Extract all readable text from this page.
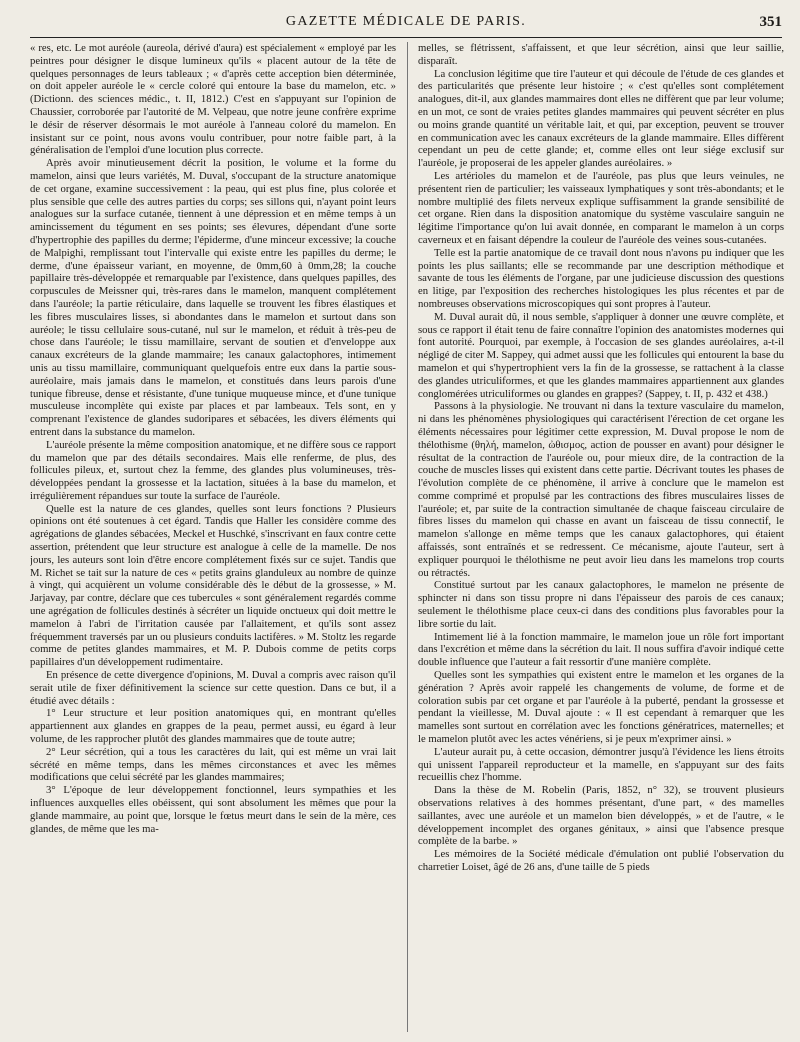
GAZETTE MÉDICALE DE PARIS.	351

« res, etc. Le mot auréole (aureola, dérivé d'aura) est spécialement « employé par les peintres pour désigner le disque lumineux qu'ils « placent autour de la tête de quelques personnages de leurs tableaux ; « d'après cette acception bien déterminée, on doit appeler auréole le « cercle coloré qui entoure la base du mamelon, etc. » (Dictionn. des sciences médic., t. II, 1812.) C'est en s'appuyant sur l'opinion de Chaussier, corroborée par l'autorité de M. Velpeau, que notre jeune confrère exprime le désir de réserver désormais le mot auréole à l'anneau coloré du mamelon. En insistant sur ce point, nous avons voulu contribuer, pour notre faible part, à la généralisation de l'emploi d'une locution plus correcte.

Après avoir minutieusement décrit la position, le volume et la forme du mamelon, ainsi que leurs variétés, M. Duval, s'occupant de la structure anatomique de cet organe, examine successivement : la peau, qui est plus fine, plus colorée et plus sensible que celle des autres parties du corps; ses sillons qui, n'ayant point leurs analogues sur la surface cutanée, tiennent à une dépression et en même temps à un amincissement du tégument en ses points; ses élevures, dépendant d'une sorte d'hypertrophie des papilles du derme; l'épiderme, d'une minceur excessive; la couche de Malpighi, remplissant tout l'intervalle qui existe entre les papilles du derme; le derme, d'une épaisseur variant, en moyenne, de 0mm,60 à 0mm,28; la couche papillaire très-développée et remarquable par l'existence, dans quelques papilles, des corpuscules de Meissner qui, très-rares dans le mamelon, manquent complétement dans l'auréole; la partie réticulaire, dans laquelle se trouvent les fibres élastiques et les fibres musculaires lisses, si abondantes dans le mamelon et surtout dans son auréole; le tissu cellulaire sous-cutané, nul sur le mamelon, et réduit à très-peu de chose dans l'auréole; le tissu mamillaire, servant de soutien et d'enveloppe aux canaux excréteurs de la glande mammaire; les canaux galactophores, intimement unis au tissu mamillaire, communiquant quelquefois entre eux dans la partie sous-auréolaire, mais jamais dans le mamelon, et constitués dans leurs parois d'une tunique fibreuse, dense et résistante, d'une tunique muqueuse mince, et d'une tunique musculeuse incomplète qui existe par places et par lambeaux. Tels sont, en y comprenant l'existence de glandes sudoripares et sébacées, les divers éléments qui entrent dans la substance du mamelon.

L'auréole présente la même composition anatomique, et ne diffère sous ce rapport du mamelon que par des détails secondaires. Mais elle renferme, de plus, des follicules pileux, et, surtout chez la femme, des glandes plus volumineuses, très-développées pendant la grossesse et la lactation, situées à la base du mamelon, et irrégulièrement répandues sur toute la surface de l'auréole.

Quelle est la nature de ces glandes, quelles sont leurs fonctions ? Plusieurs opinions ont été soutenues à cet égard. Tandis que Haller les considère comme des agrégations de glandes sébacées, Meckel et Huschké, s'inscrivant en faux contre cette assertion, prétendent que leur structure est analogue à celle de la mamelle. De nos jours, les auteurs sont loin d'être encore complétement fixés sur ce sujet. Tandis que M. Richet se tait sur la nature de ces « petits grains glanduleux au nombre de quinze à vingt, qui acquièrent un volume considérable dès le début de la grossesse, » M. Jarjavay, par contre, déclare que ces tubercules « sont généralement regardés comme une agrégation de follicules destinés à sécréter un liquide onctueux qui doit mettre le mamelon à l'abri de l'irritation causée par l'allaitement, et qu'ils sont assez fréquemment traversés par un ou plusieurs conduits lactifères. » M. Stoltz les regarde comme de petites glandes mammaires, et M. P. Dubois comme de petits corps papillaires d'un développement rudimentaire.

En présence de cette divergence d'opinions, M. Duval a compris avec raison qu'il serait utile de fixer définitivement la science sur cette question. Dans ce but, il a étudié avec détails :

1° Leur structure et leur position anatomiques qui, en montrant qu'elles appartiennent aux glandes en grappes de la peau, permet aussi, eu égard à leur volume, de les rapprocher plutôt des glandes mammaires que de toute autre;

2° Leur sécrétion, qui a tous les caractères du lait, qui est même un vrai lait sécrété en même temps, dans les mêmes circonstances et avec les mêmes modifications que celui sécrété par les glandes mammaires;

3° L'époque de leur développement fonctionnel, leurs sympathies et les influences auxquelles elles obéissent, qui sont absolument les mêmes que pour la glande mammaire, au point que, lorsque le fœtus meurt dans le sein de la mère, ces glandes, de même que les ma-

melles, se flétrissent, s'affaissent, et que leur sécrétion, ainsi que leur saillie, disparaît.

La conclusion légitime que tire l'auteur et qui découle de l'étude de ces glandes et des particularités que présente leur histoire ; « c'est qu'elles sont complétement analogues, dit-il, aux glandes mammaires dont elles ne diffèrent que par leur volume; en un mot, ce sont de vraies petites glandes mammaires qui peuvent sécréter en plus ou moins grande quantité un véritable lait, et qui, par exception, peuvent se trouver en communication avec les canaux excréteurs de la glande mammaire. Elles diffèrent cependant un peu de cette glande; et, comme elles ont leur siége exclusif sur l'auréole, je proposerai de les appeler glandes auréolaires. »

Les artérioles du mamelon et de l'auréole, pas plus que leurs veinules, ne présentent rien de particulier; les vaisseaux lymphatiques y sont très-abondants; et le nombre multiplié des filets nerveux explique suffisamment la grande sensibilité de cet organe. Rien dans la disposition anatomique du système vasculaire sanguin ne légitime l'importance qu'on lui avait donnée, en comparant le mamelon à un corps caverneux et en faisant dépendre la couleur de l'auréole des veines sous-cutanées.

Telle est la partie anatomique de ce travail dont nous n'avons pu indiquer que les points les plus saillants; elle se recommande par une description méthodique et savante de tous les éléments de l'organe, par une judicieuse discussion des questions en litige, par l'exposition des recherches histologiques les plus récentes et par de nombreuses observations microscopiques qui sont propres à l'auteur.

M. Duval aurait dû, il nous semble, s'appliquer à donner une œuvre complète, et sous ce rapport il était tenu de faire connaître l'opinion des anatomistes modernes qui font autorité. Pourquoi, par exemple, à l'occasion de ses glandes auréolaires, a-t-il négligé de citer M. Sappey, qui admet aussi que les follicules qui entourent la base du mamelon et qui s'hypertrophient vers la fin de la grossesse, se rattachent à la classe des glandes utriculiformes, et que les glandes mammaires appartiennent aux glandes conglomérées utriculiformes ou glandes en grappes? (Sappey, t. II, p. 432 et 438.)

Passons à la physiologie. Ne trouvant ni dans la texture vasculaire du mamelon, ni dans les phénomènes physiologiques qui caractérisent l'érection de cet organe les éléments nécessaires pour légitimer cette expression, M. Duval propose le nom de thélothisme (θηλή, mamelon, ὠθισμος, action de pousser en avant) pour désigner le résultat de la contraction de l'auréole ou, pour mieux dire, de la contraction de la couche de muscles lisses qui existent dans cette partie. Décrivant toutes les phases de l'évolution complète de ce phénomène, il arrive à conclure que le mamelon est comme comprimé et propulsé par les contractions des fibres musculaires lisses de l'auréole; et, par suite de la contraction simultanée de chaque faisceau circulaire de fibres lisses du mamelon qui chasse en avant un faisceau de tissu connectif, le mamelon s'allonge en même temps que les canaux galactophores, qui étaient affaissés, sont entraînés et se redressent. Ce mécanisme, ajoute l'auteur, sert à expliquer pourquoi le thélothisme ne peut avoir lieu dans les mamelons trop courts ou rétractés.

Constitué surtout par les canaux galactophores, le mamelon ne présente de sphincter ni dans son tissu propre ni dans l'épaisseur des parois de ces canaux; seulement le thélothisme place ceux-ci dans des conditions plus favorables pour la libre sortie du lait.

Intimement lié à la fonction mammaire, le mamelon joue un rôle fort important dans l'excrétion et même dans la sécrétion du lait. Il nous suffira d'avoir indiqué cette double influence que l'auteur a fait ressortir d'une manière complète.

Quelles sont les sympathies qui existent entre le mamelon et les organes de la génération ? Après avoir rappelé les changements de volume, de forme et de coloration subis par cet organe et par l'auréole à la puberté, pendant la grossesse et pendant la vieillesse, M. Duval ajoute : « Il est cependant à remarquer que les mamelles sont surtout en corrélation avec les fonctions génératrices, maternelles; et le mamelon plutôt avec les actes vénériens, si je peux m'exprimer ainsi. »

L'auteur aurait pu, à cette occasion, démontrer jusqu'à l'évidence les liens étroits qui unissent l'appareil reproducteur et la mamelle, en s'appuyant sur des faits recueillis chez l'homme.

Dans la thèse de M. Robelin (Paris, 1852, n° 32), se trouvent plusieurs observations relatives à des hommes présentant, d'une part, « des mamelles saillantes, avec une auréole et un mamelon bien développés, » et de l'autre, « le développement incomplet des organes génitaux, » ainsi que l'absence presque complète de la barbe. »

Les mémoires de la Société médicale d'émulation ont publié l'observation du charretier Loiset, âgé de 26 ans, d'une taille de 5 pieds
